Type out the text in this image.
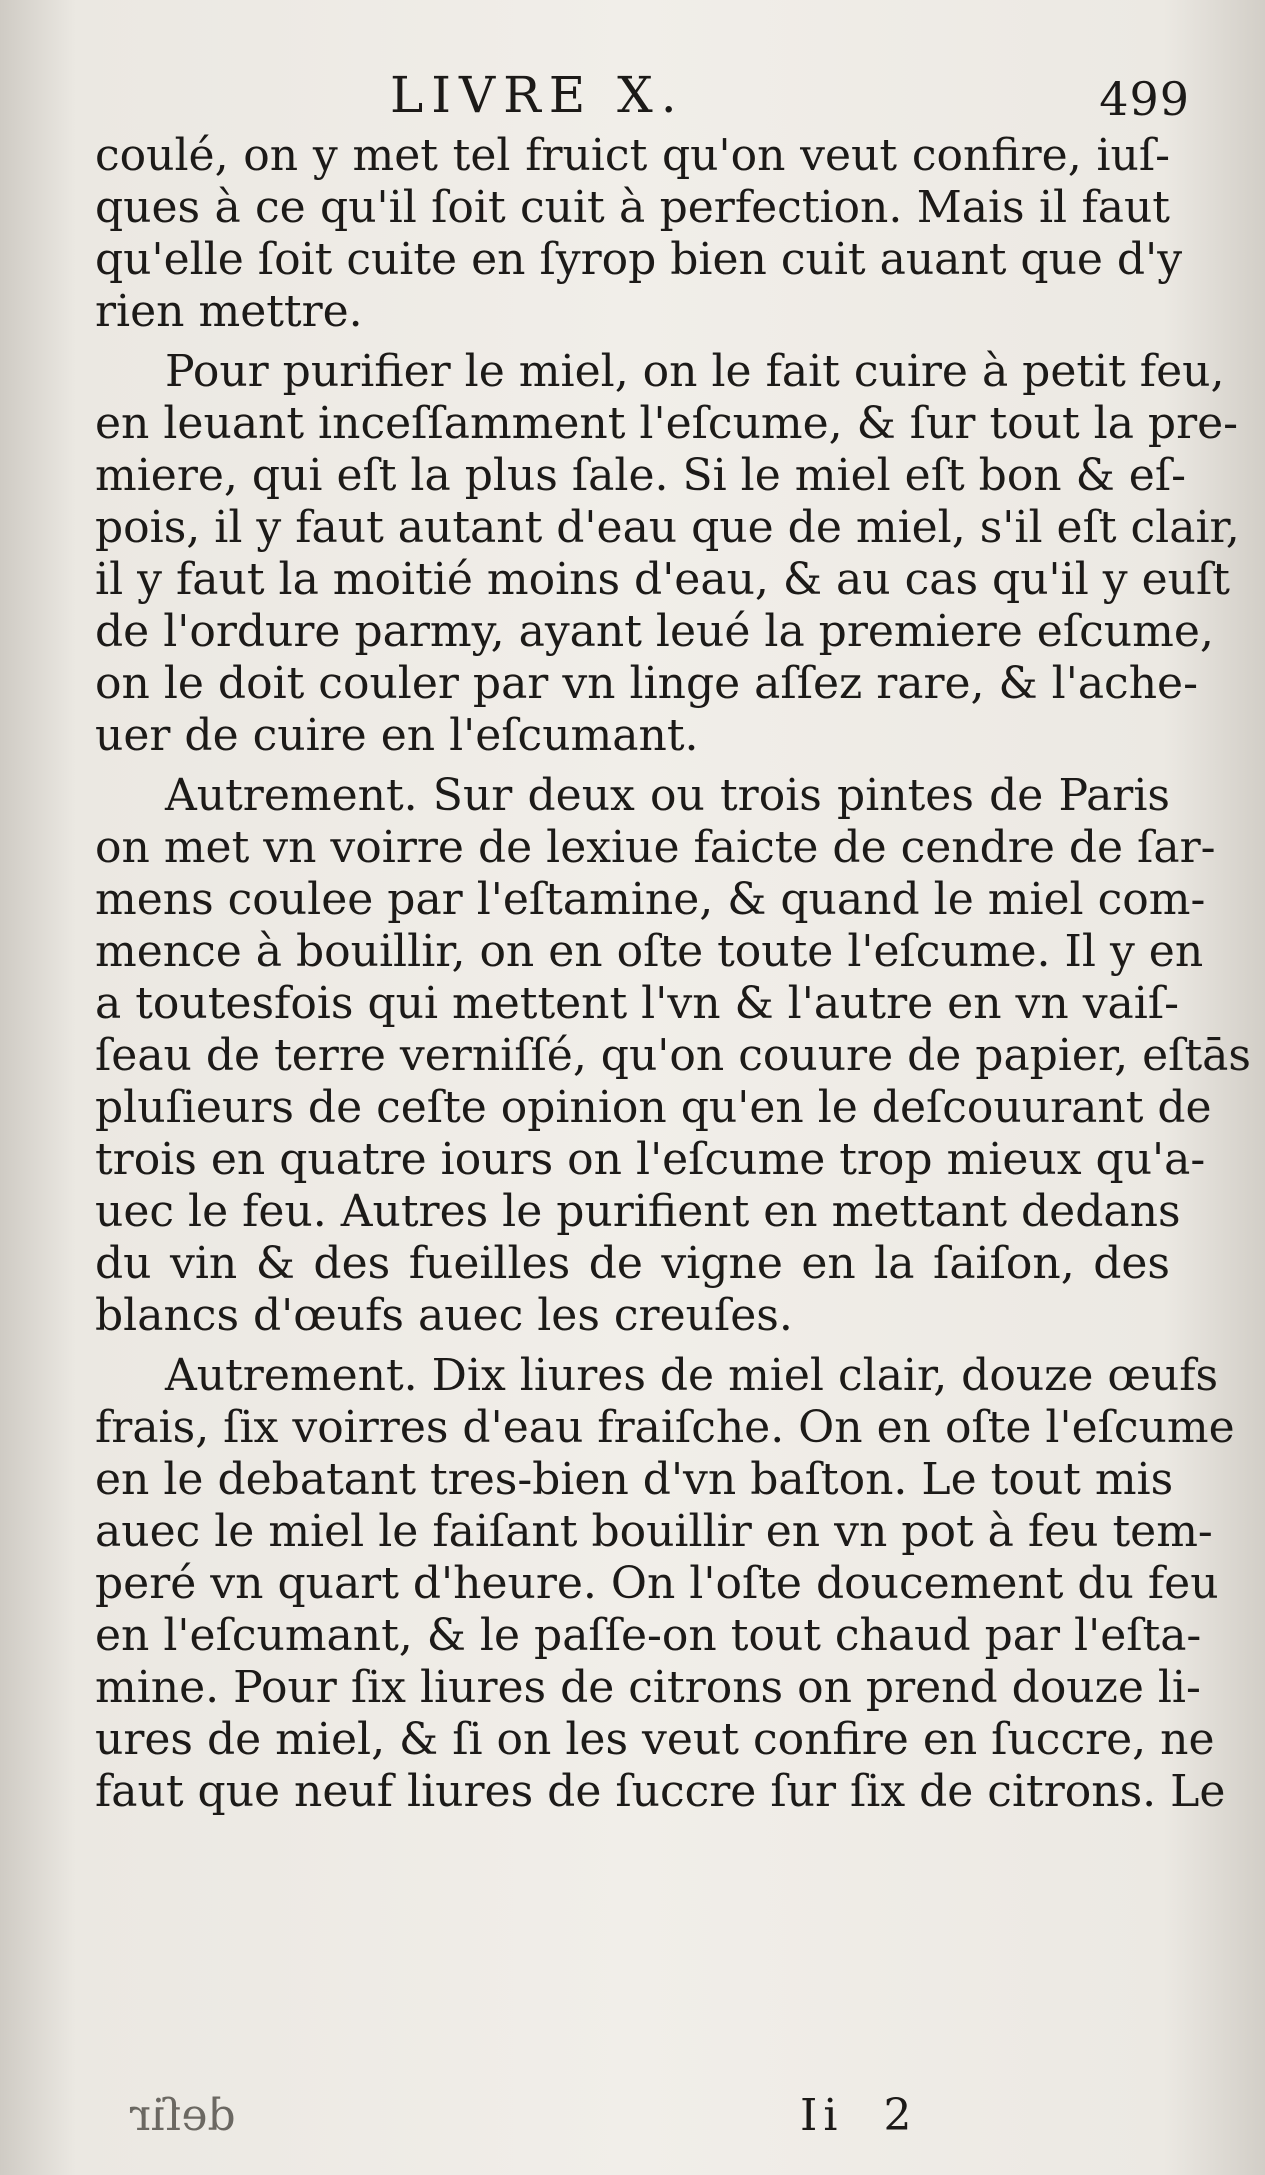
LIVRE X.	499

coulé, on y met tel fruict qu'on veut confire, iuſ-
ques à ce qu'il ſoit cuit à perfection. Mais il faut
qu'elle ſoit cuite en ſyrop bien cuit auant que d'y
rien mettre.

Pour purifier le miel, on le fait cuire à petit feu,
en leuant inceſſamment l'eſcume, & ſur tout la pre-
miere, qui eſt la plus ſale. Si le miel eſt bon & eſ-
pois, il y faut autant d'eau que de miel, s'il eſt clair,
il y faut la moitié moins d'eau, & au cas qu'il y euſt
de l'ordure parmy, ayant leué la premiere eſcume,
on le doit couler par vn linge aſſez rare, & l'ache-
uer de cuire en l'eſcumant.

Autrement. Sur deux ou trois pintes de Paris
on met vn voirre de lexiue faicte de cendre de ſar-
mens coulee par l'eſtamine, & quand le miel com-
mence à bouillir, on en oſte toute l'eſcume. Il y en
a toutesfois qui mettent l'vn & l'autre en vn vaiſ-
ſeau de terre verniſſé, qu'on couure de papier, eſtās
pluſieurs de ceſte opinion qu'en le deſcouurant de
trois en quatre iours on l'eſcume trop mieux qu'a-
uec le feu. Autres le purifient en mettant dedans
du vin & des fueilles de vigne en la ſaiſon, des
blancs d'œufs auec les creuſes.

Autrement. Dix liures de miel clair, douze œufs
frais, ſix voirres d'eau fraiſche. On en oſte l'eſcume
en le debatant tres-bien d'vn baſton. Le tout mis
auec le miel le faiſant bouillir en vn pot à feu tem-
peré vn quart d'heure. On l'oſte doucement du feu
en l'eſcumant, & le paſſe-on tout chaud par l'eſta-
mine. Pour ſix liures de citrons on prend douze li-
ures de miel, & ſi on les veut confire en ſuccre, ne
faut que neuf liures de ſuccre ſur ſix de citrons. Le

deſir	Ii 2
